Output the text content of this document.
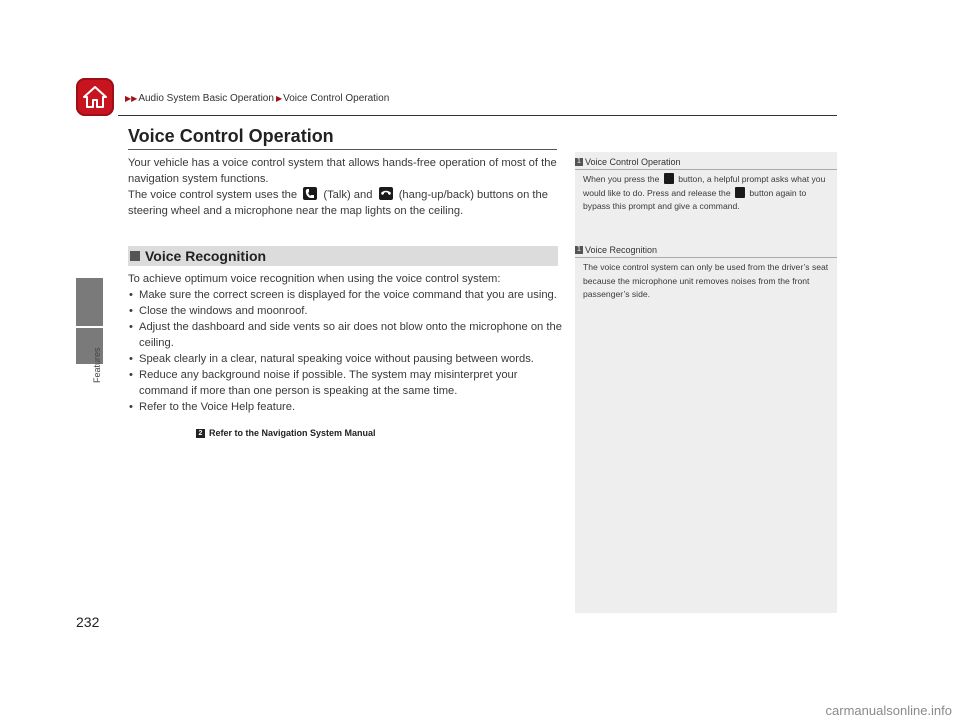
▶▶ Audio System Basic Operation ▶ Voice Control Operation
Features
232
Voice Control Operation

Your vehicle has a voice control system that allows hands-free operation of most of the navigation system functions.

The voice control system uses the
(Talk) and
(hang-up/back) buttons on the steering wheel and a microphone near the map lights on the ceiling.

Voice Recognition

To achieve optimum voice recognition when using the voice control system:

• Make sure the correct screen is displayed for the voice command that you are using.
• Close the windows and moonroof.
• Adjust the dashboard and side vents so air does not blow onto the microphone on the ceiling.
• Speak clearly in a clear, natural speaking voice without pausing between words.
• Reduce any background noise if possible. The system may misinterpret your command if more than one person is speaking at the same time.
• Refer to the Voice Help feature.
2 Refer to the Navigation System Manual
1 Voice Control Operation

When you press the  button, a helpful prompt asks what you would like to do. Press and release the  button again to bypass this prompt and give a command.

1 Voice Recognition

The voice control system can only be used from the driver’s seat because the microphone unit removes noises from the front passenger’s side.

carmanualsonline.info
